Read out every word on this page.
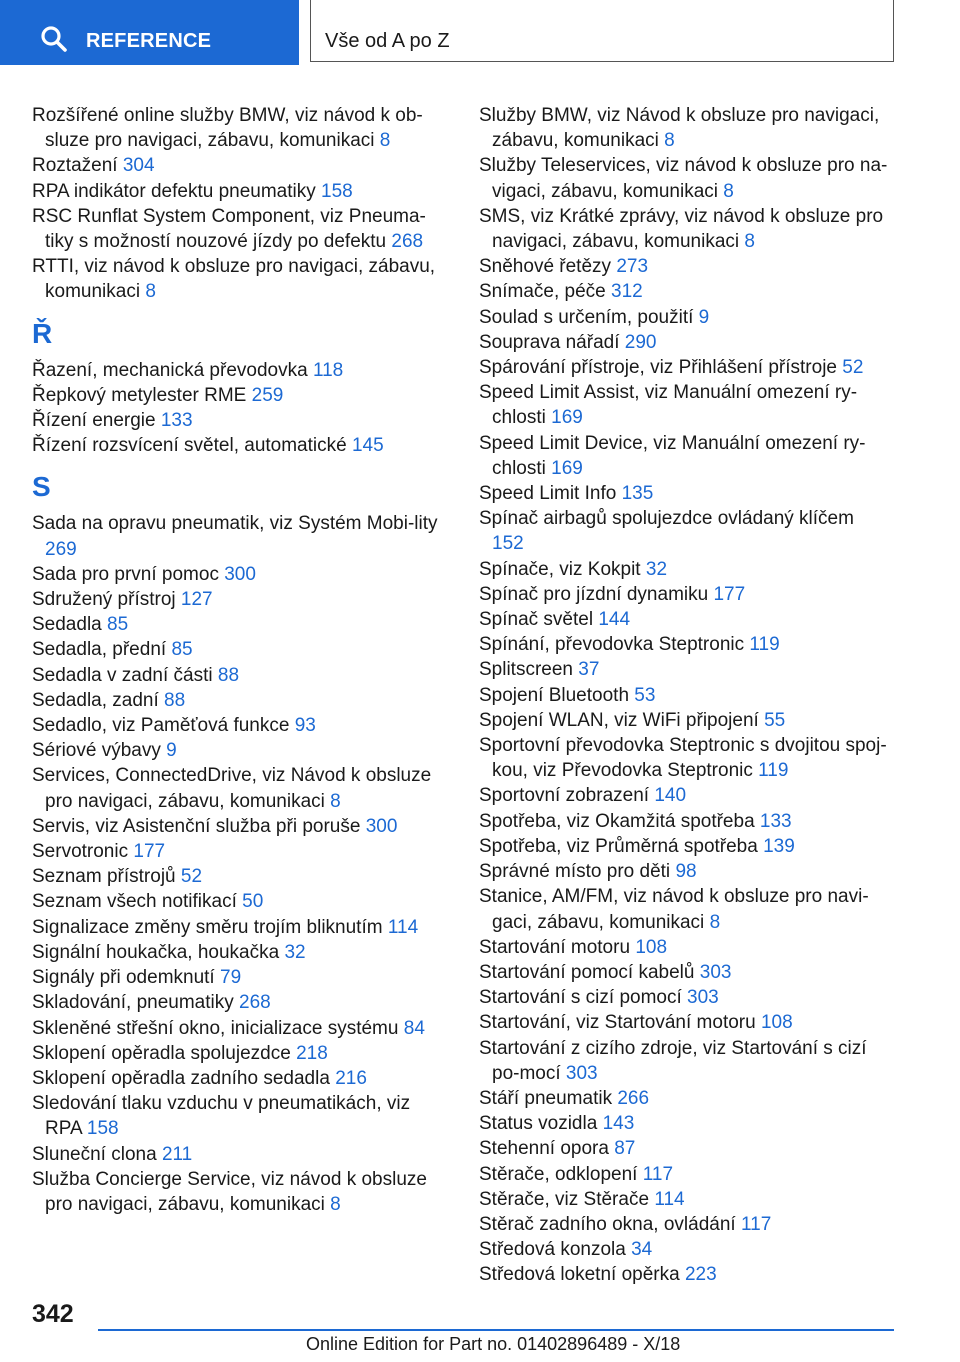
REFERENCE	Vše od A po Z

Rozšířené online služby BMW, viz návod k ob-sluze pro navigaci, zábavu, komunikaci 8

Roztažení 304

RPA indikátor defektu pneumatiky 158

RSC Runflat System Component, viz Pneuma-tiky s možností nouzové jízdy po defektu 268

RTTI, viz návod k obsluze pro navigaci, zábavu, komunikaci 8

Ř

Řazení, mechanická převodovka 118

Řepkový metylester RME 259

Řízení energie 133

Řízení rozsvícení světel, automatické 145

S

Sada na opravu pneumatik, viz Systém Mobi-lity 269

Sada pro první pomoc 300

Sdružený přístroj 127

Sedadla 85

Sedadla, přední 85

Sedadla v zadní části 88

Sedadla, zadní 88

Sedadlo, viz Paměťová funkce 93

Sériové výbavy 9

Services, ConnectedDrive, viz Návod k obsluze pro navigaci, zábavu, komunikaci 8

Servis, viz Asistenční služba při poruše 300

Servotronic 177

Seznam přístrojů 52

Seznam všech notifikací 50

Signalizace změny směru trojím bliknutím 114

Signální houkačka, houkačka 32

Signály při odemknutí 79

Skladování, pneumatiky 268

Skleněné střešní okno, inicializace systému 84

Sklopení opěradla spolujezdce 218

Sklopení opěradla zadního sedadla 216

Sledování tlaku vzduchu v pneumatikách, viz RPA 158

Sluneční clona 211

Služba Concierge Service, viz návod k obsluze pro navigaci, zábavu, komunikaci 8

Služby BMW, viz Návod k obsluze pro navigaci, zábavu, komunikaci 8

Služby Teleservices, viz návod k obsluze pro na-vigaci, zábavu, komunikaci 8

SMS, viz Krátké zprávy, viz návod k obsluze pro navigaci, zábavu, komunikaci 8

Sněhové řetězy 273

Snímače, péče 312

Soulad s určením, použití 9

Souprava nářadí 290

Spárování přístroje, viz Přihlášení přístroje 52

Speed Limit Assist, viz Manuální omezení ry-chlosti 169

Speed Limit Device, viz Manuální omezení ry-chlosti 169

Speed Limit Info 135

Spínač airbagů spolujezdce ovládaný klíčem 152

Spínače, viz Kokpit 32

Spínač pro jízdní dynamiku 177

Spínač světel 144

Spínání, převodovka Steptronic 119

Splitscreen 37

Spojení Bluetooth 53

Spojení WLAN, viz WiFi připojení 55

Sportovní převodovka Steptronic s dvojitou spoj-kou, viz Převodovka Steptronic 119

Sportovní zobrazení 140

Spotřeba, viz Okamžitá spotřeba 133

Spotřeba, viz Průměrná spotřeba 139

Správné místo pro děti 98

Stanice, AM/FM, viz návod k obsluze pro navi-gaci, zábavu, komunikaci 8

Startování motoru 108

Startování pomocí kabelů 303

Startování s cizí pomocí 303

Startování, viz Startování motoru 108

Startování z cizího zdroje, viz Startování s cizí po-mocí 303

Stáří pneumatik 266

Status vozidla 143

Stehenní opora 87

Stěrače, odklopení 117

Stěrače, viz Stěrače 114

Stěrač zadního okna, ovládání 117

Středová konzola 34

Středová loketní opěrka 223

342
Online Edition for Part no. 01402896489 - X/18
